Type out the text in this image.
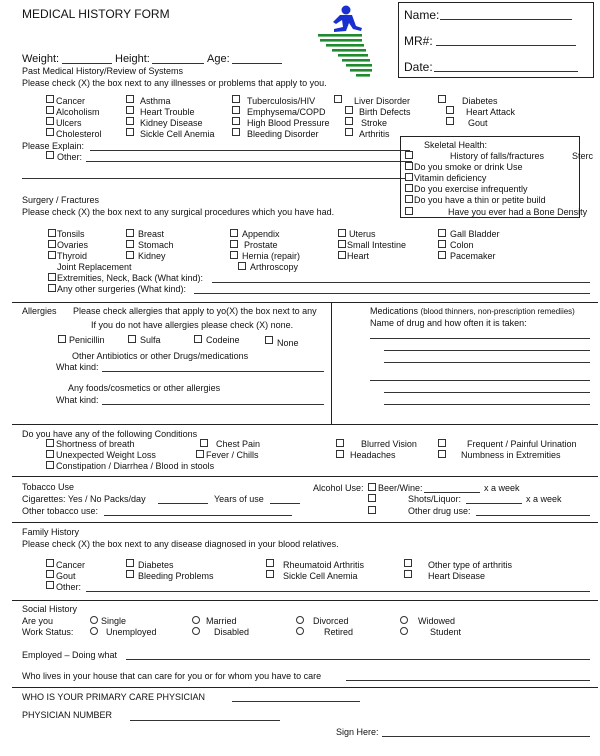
MEDICAL HISTORY FORM	Name:
MR#:
Date:
Weight:	Height:	Age:
Past Medical History/Review of Systems
Please check (X) the box next to any illnesses or problems that apply to you.
Cancer
Alcoholism
Ulcers
Cholesterol
Asthma
Heart Trouble
Kidney Disease
Sickle Cell Anemia
Tuberculosis/HIV
Emphysema/COPD
High Blood Pressure
Bleeding Disorder
Liver Disorder
Birth Defects
Stroke
Arthritis
Diabetes
Heart Attack
Gout
Please Explain:
Other:
Skeletal Health:
History of falls/fractures	Sterc
Do you smoke or drink Use
Vitamin deficiency
Do you exercise infrequently
Do you have a thin or petite build
Have you ever had a Bone Density
Surgery / Fractures
Please check (X) the box next to any surgical procedures which you have had.
Tonsils
Ovaries
Thyroid
Breast
Stomach
Kidney
Appendix
Prostate
Hernia (repair)
Arthroscopy
Uterus
Small Intestine
Heart
Gall Bladder
Colon
Pacemaker
Joint Replacement
Extremities, Neck, Back (What kind):
Any other surgeries (What kind):
Allergies Please check allergies that apply to yo(X) the box next to any
If you do not have allergies please check (X) none.
Penicillin	Sulfa	Codeine	None
Other Antibiotics or other Drugs/medications
What kind:
Any foods/cosmetics or other allergies
What kind:
Medications (blood thinners, non-prescription remediies)
Name of drug and how often it is taken:
Do you have any of the following Conditions
Shortness of breath	Chest Pain	Blurred Vision	Frequent / Painful Urination
Unexpected Weight Loss	Fever / Chills	Headaches	Numbness in Extremities
Constipation / Diarrhea / Blood in stools
Tobacco Use
Cigarettes: Yes / No Packs/day	Years of use
Other tobacco use:
Alcohol Use: Beer/Wine:	x a week
Shots/Liquor:	x a week
Other drug use:
Family History
Please check (X) the box next to any disease diagnosed in your blood relatives.
Cancer
Gout
Other:
Diabetes
Bleeding Problems
Rheumatoid Arthritis
Sickle Cell Anemia
Other type of arthritis
Heart Disease
Social History
Are you
Work Status:
Single	Married	Divorced	Widowed
Unemployed	Disabled	Retired	Student
Employed – Doing what
Who lives in your house that can care for you or for whom you have to care
WHO IS YOUR PRIMARY CARE PHYSICIAN
PHYSICIAN NUMBER
Sign Here:
